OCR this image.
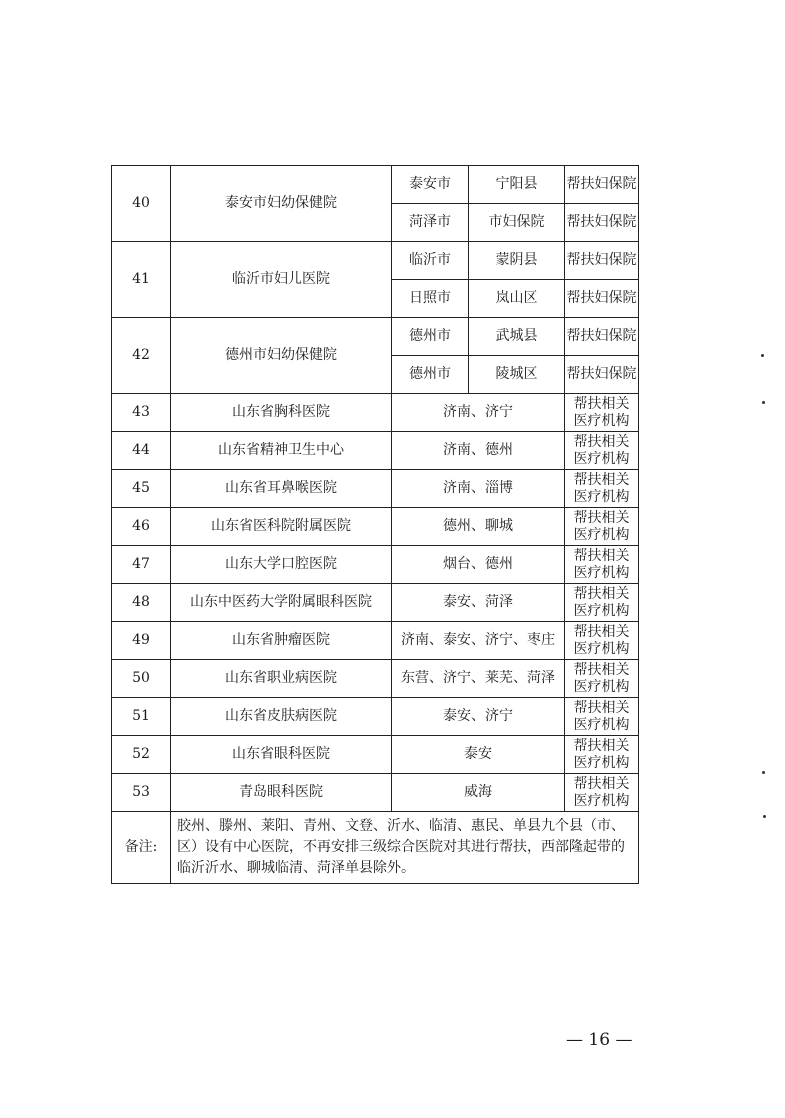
40	泰安市妇幼保健院	泰安市	宁阳县	帮扶妇保院
		菏泽市	市妇保院	帮扶妇保院
41	临沂市妇儿医院	临沂市	蒙阴县	帮扶妇保院
		日照市	岚山区	帮扶妇保院
42	德州市妇幼保健院	德州市	武城县	帮扶妇保院
		德州市	陵城区	帮扶妇保院
43	山东省胸科医院	济南、济宁		帮扶相关医疗机构
44	山东省精神卫生中心	济南、德州		帮扶相关医疗机构
45	山东省耳鼻喉医院	济南、淄博		帮扶相关医疗机构
46	山东省医科院附属医院	德州、聊城		帮扶相关医疗机构
47	山东大学口腔医院	烟台、德州		帮扶相关医疗机构
48	山东中医药大学附属眼科医院	泰安、菏泽		帮扶相关医疗机构
49	山东省肿瘤医院	济南、泰安、济宁、枣庄		帮扶相关医疗机构
50	山东省职业病医院	东营、济宁、莱芜、菏泽		帮扶相关医疗机构
51	山东省皮肤病医院	泰安、济宁		帮扶相关医疗机构
52	山东省眼科医院	泰安		帮扶相关医疗机构
53	青岛眼科医院	威海		帮扶相关医疗机构
备注:	胶州、滕州、莱阳、青州、文登、沂水、临清、惠民、单县九个县（市、区）设有中心医院，不再安排三级综合医院对其进行帮扶，西部隆起带的临沂沂水、聊城临清、菏泽单县除外。			
— 16 —
